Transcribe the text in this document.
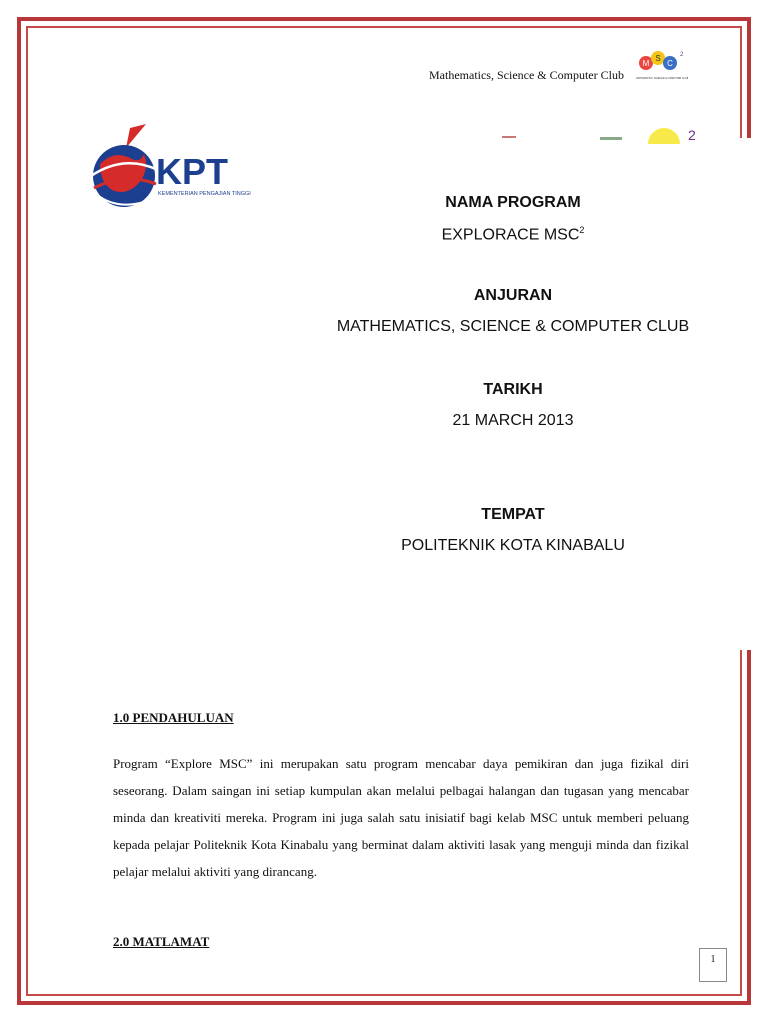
Mathematics, Science & Computer Club
M
S
C
2
MATHEMATICS, SCIENCE & COMPUTER CLUB
2
KPT
KEMENTERIAN PENGAJIAN TINGGI	NAMA PROGRAM
EXPLORACE MSC$^2$
ANJURAN
MATHEMATICS, SCIENCE & COMPUTER CLUB
TARIKH
21 MARCH 2013
TEMPAT
POLITEKNIK KOTA KINABALU
1.0 PENDAHULUAN
Program “Explore MSC” ini merupakan satu program mencabar daya pemikiran dan juga fizikal diri seseorang. Dalam saingan ini setiap kumpulan akan melalui pelbagai halangan dan tugasan yang mencabar minda dan kreativiti mereka. Program ini juga salah satu inisiatif bagi kelab MSC untuk memberi peluang kepada pelajar Politeknik Kota Kinabalu yang berminat dalam aktiviti lasak yang menguji minda dan fizikal pelajar melalui aktiviti yang dirancang.
2.0 MATLAMAT
1
